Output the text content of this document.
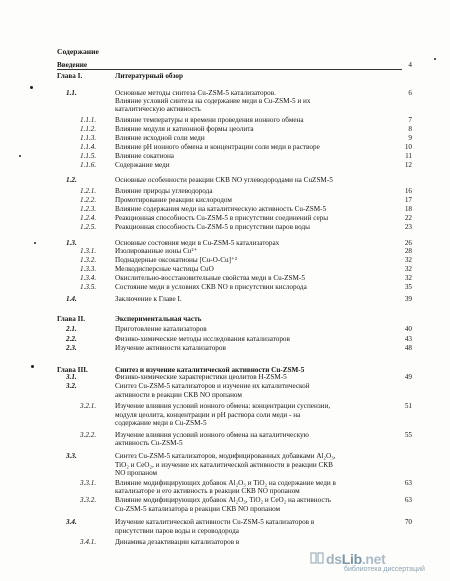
Содержание
Введение	4
Глава I.	Литературный обзор
1.1.	Основные методы синтеза Cu-ZSM-5 катализаторов.	6
Влияние условий синтеза на содержание меди в Cu-ZSM-5 и их
каталитическую активность
1.1.1.	Влияние температуры и времени проведения ионного обмена	7
1.1.2.	Влияние модуля и катионной формы цеолита	8
1.1.3.	Влияние исходной соли меди	9
1.1.4.	Влияние рН ионного обмена и концентрации соли меди в растворе	10
1.1.5.	Влияние сокатиона	11
1.1.6.	Содержание меди	12
1.2.	Основные особенности реакции СКВ NO углеводородами на CuZSM-5
1.2.1.	Влияние природы углеводорода	16
1.2.2.	Промотирование реакции кислородом	17
1.2.3.	Влияние содержания меди на каталитическую активность Cu-ZSM-5	18
1.2.4.	Реакционная способность Cu-ZSM-5 в присутствии соединений серы	22
1.2.5.	Реакционная способность Cu-ZSM-5 в присутствии паров воды	23
1.3.	Основные состояния меди в Cu-ZSM-5 катализаторах	26
1.3.1.	Изолированные ионы Cu²⁺	28
1.3.2.	Поднадерные оксокатионы [Cu-O-Cu]⁺²	32
1.3.3.	Мелкодисперсные частицы CuO	32
1.3.4.	Окислительно-восстановительные свойства меди в Cu-ZSM-5	32
1.3.5.	Состояние меди в условиях СКВ NO в присутствии кислорода	35
1.4.	Заключение к Главе I.	39
Глава II.	Экспериментальная часть
2.1.	Приготовление катализаторов	40
2.2.	Физико-химические методы исследования катализаторов	43
2.3.	Изучение активности катализаторов	48
Глава III.	Синтез и изучение каталитической активности Cu-ZSM-5
3.1.	Физико-химические характеристики цеолитов H-ZSM-5	49
3.2.	Синтез Cu-ZSM-5 катализаторов и изучение их каталитической
активности в реакции СКВ NO пропаном
3.2.1.	Изучение влияния условий ионного обмена: концентрации суспензии,	51
модуля цеолита, концентрации и рН раствора соли меди - на
содержание меди в Cu-ZSM-5
3.2.2.	Изучение влияния условий ионного обмена на каталитическую	55
активность Cu-ZSM-5
3.3.	Синтез Cu-ZSM-5 катализаторов, модифицированных добавками Al₂O₃,
TiO₂ и CeO₂, и изучение их каталитической активности в реакции СКВ
NO пропаном
3.3.1.	Влияние модифицирующих добавок Al₂O₃ и TiO₂ на содержание меди в	63
катализаторе и его активность в реакции СКВ NO пропаном
3.3.2.	Влияние модифицирующих добавок Al₂O₃, TiO₂ и CeO₂ на активность	63
Cu-ZSM-5 катализатора в реакции СКВ NO пропаном
3.4.	Изучение каталитической активности Cu-ZSM-5 катализаторов в	70
присутствии паров воды и сероводорода
3.4.1.	Динамика дезактивации катализаторов в
dsLib.net
библиотека диссертаций
